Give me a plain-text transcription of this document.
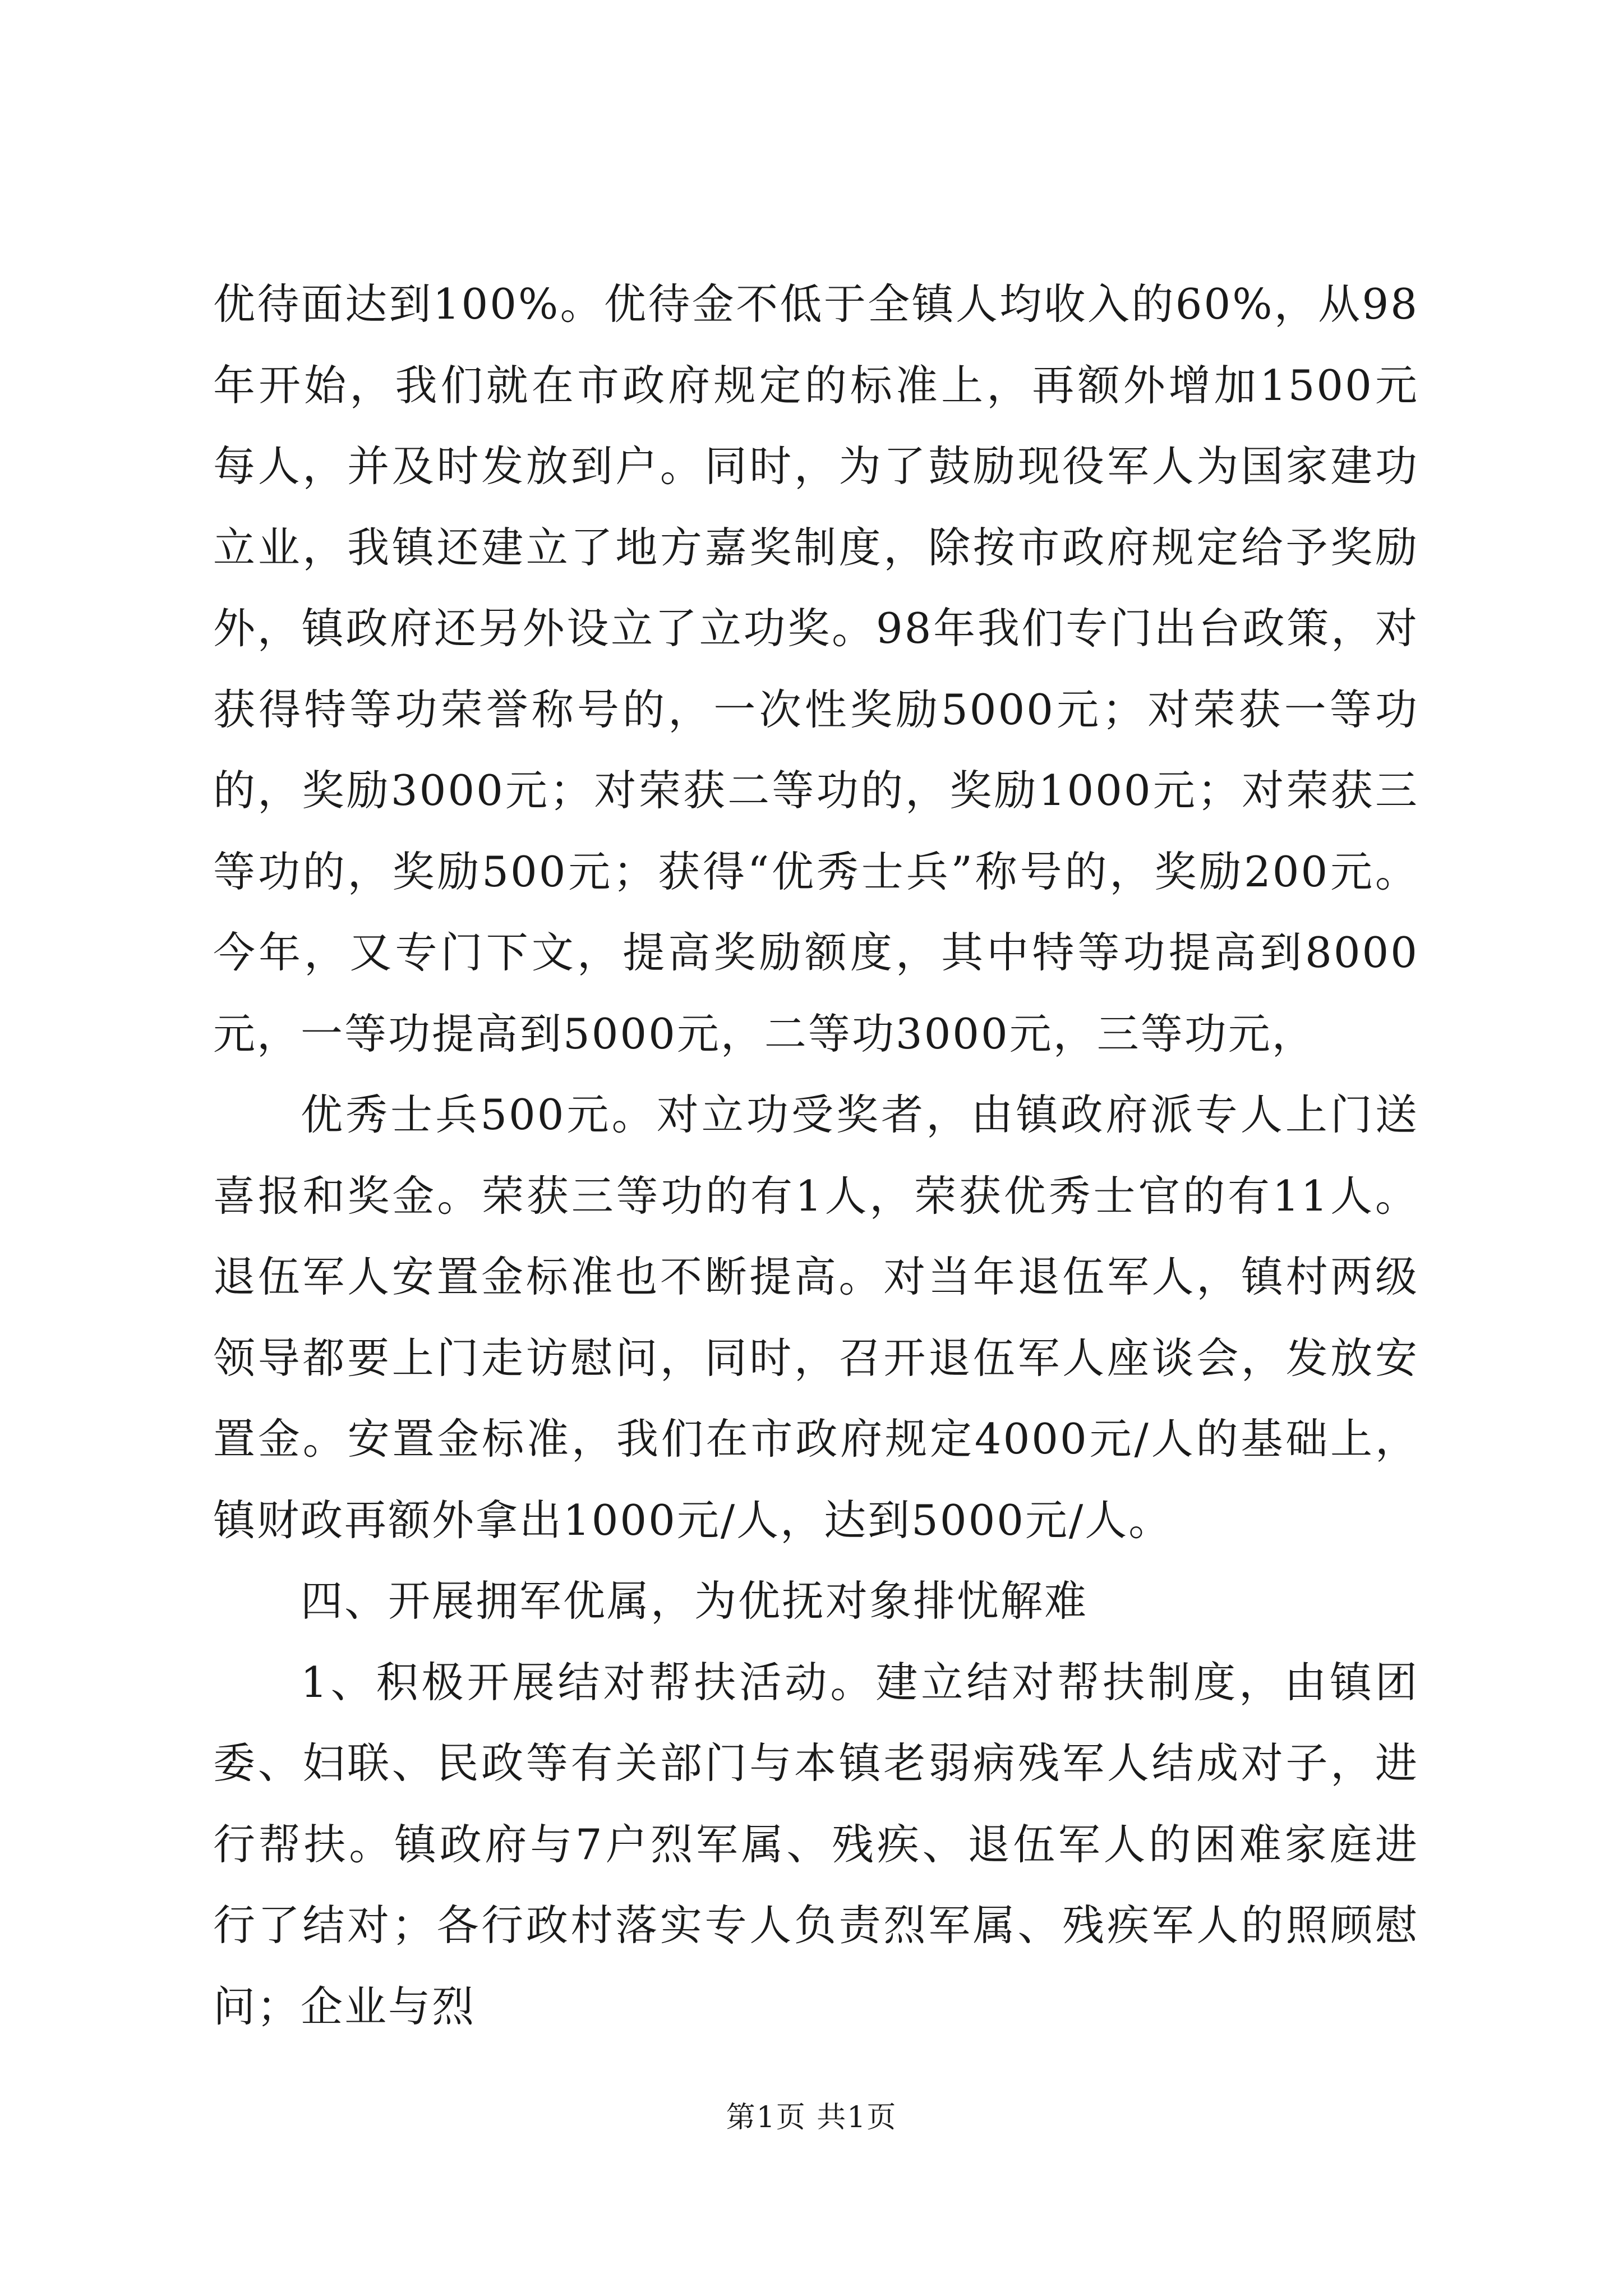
优待面达到100%。优待金不低于全镇人均收入的60%，从98年开始，我们就在市政府规定的标准上，再额外增加1500元每人，并及时发放到户。同时，为了鼓励现役军人为国家建功立业，我镇还建立了地方嘉奖制度，除按市政府规定给予奖励外，镇政府还另外设立了立功奖。98年我们专门出台政策，对获得特等功荣誉称号的，一次性奖励5000元；对荣获一等功的，奖励3000元；对荣获二等功的，奖励1000元；对荣获三等功的，奖励500元；获得“优秀士兵”称号的，奖励200元。今年，又专门下文，提高奖励额度，其中特等功提高到8000元，一等功提高到5000元，二等功3000元，三等功元，

优秀士兵500元。对立功受奖者，由镇政府派专人上门送喜报和奖金。荣获三等功的有1人，荣获优秀士官的有11人。退伍军人安置金标准也不断提高。对当年退伍军人，镇村两级领导都要上门走访慰问，同时，召开退伍军人座谈会，发放安置金。安置金标准，我们在市政府规定4000元/人的基础上，镇财政再额外拿出1000元/人，达到5000元/人。

四、开展拥军优属，为优抚对象排忧解难

1、积极开展结对帮扶活动。建立结对帮扶制度，由镇团委、妇联、民政等有关部门与本镇老弱病残军人结成对子，进行帮扶。镇政府与7户烈军属、残疾、退伍军人的困难家庭进行了结对；各行政村落实专人负责烈军属、残疾军人的照顾慰问；企业与烈

第1页 共1页
